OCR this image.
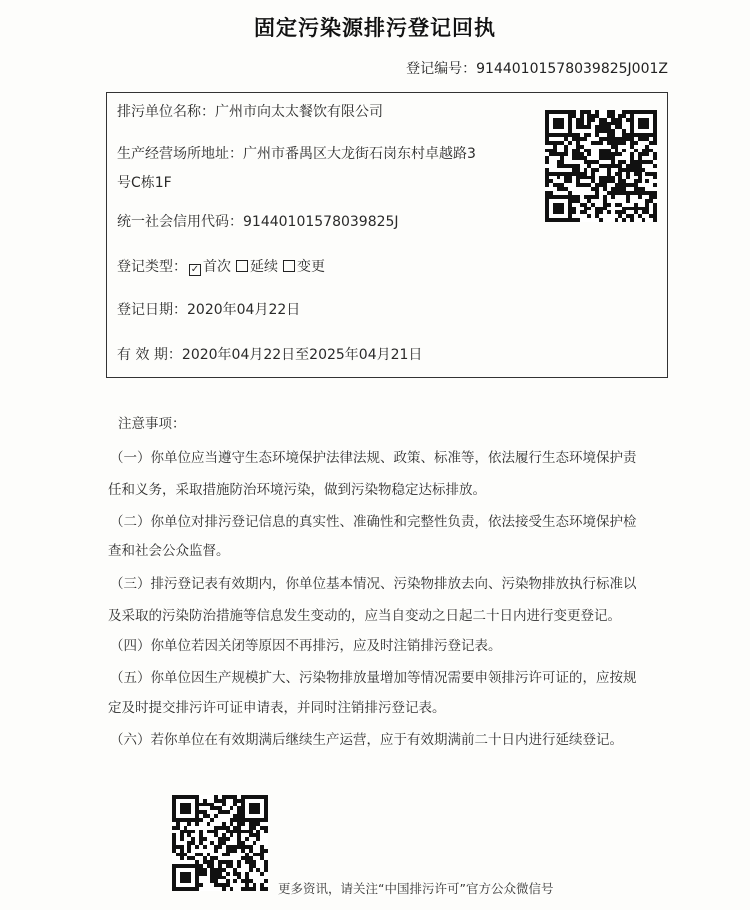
固定污染源排污登记回执
登记编号：91440101578039825J001Z
排污单位名称：广州市向太太餐饮有限公司
生产经营场所地址：广州市番禺区大龙街石岗东村卓越路3
号C栋1F
统一社会信用代码：91440101578039825J
登记类型： ✓ 首次 延续 变更
登记日期：2020年04月22日
有 效 期：2020年04月22日至2025年04月21日
注意事项：
（一）你单位应当遵守生态环境保护法律法规、政策、标准等，依法履行生态环境保护责
任和义务，采取措施防治环境污染，做到污染物稳定达标排放。
（二）你单位对排污登记信息的真实性、准确性和完整性负责，依法接受生态环境保护检
查和社会公众监督。
（三）排污登记表有效期内，你单位基本情况、污染物排放去向、污染物排放执行标准以
及采取的污染防治措施等信息发生变动的，应当自变动之日起二十日内进行变更登记。
（四）你单位若因关闭等原因不再排污，应及时注销排污登记表。
（五）你单位因生产规模扩大、污染物排放量增加等情况需要申领排污许可证的，应按规
定及时提交排污许可证申请表，并同时注销排污登记表。
（六）若你单位在有效期满后继续生产运营，应于有效期满前二十日内进行延续登记。
更多资讯，请关注“中国排污许可”官方公众微信号
